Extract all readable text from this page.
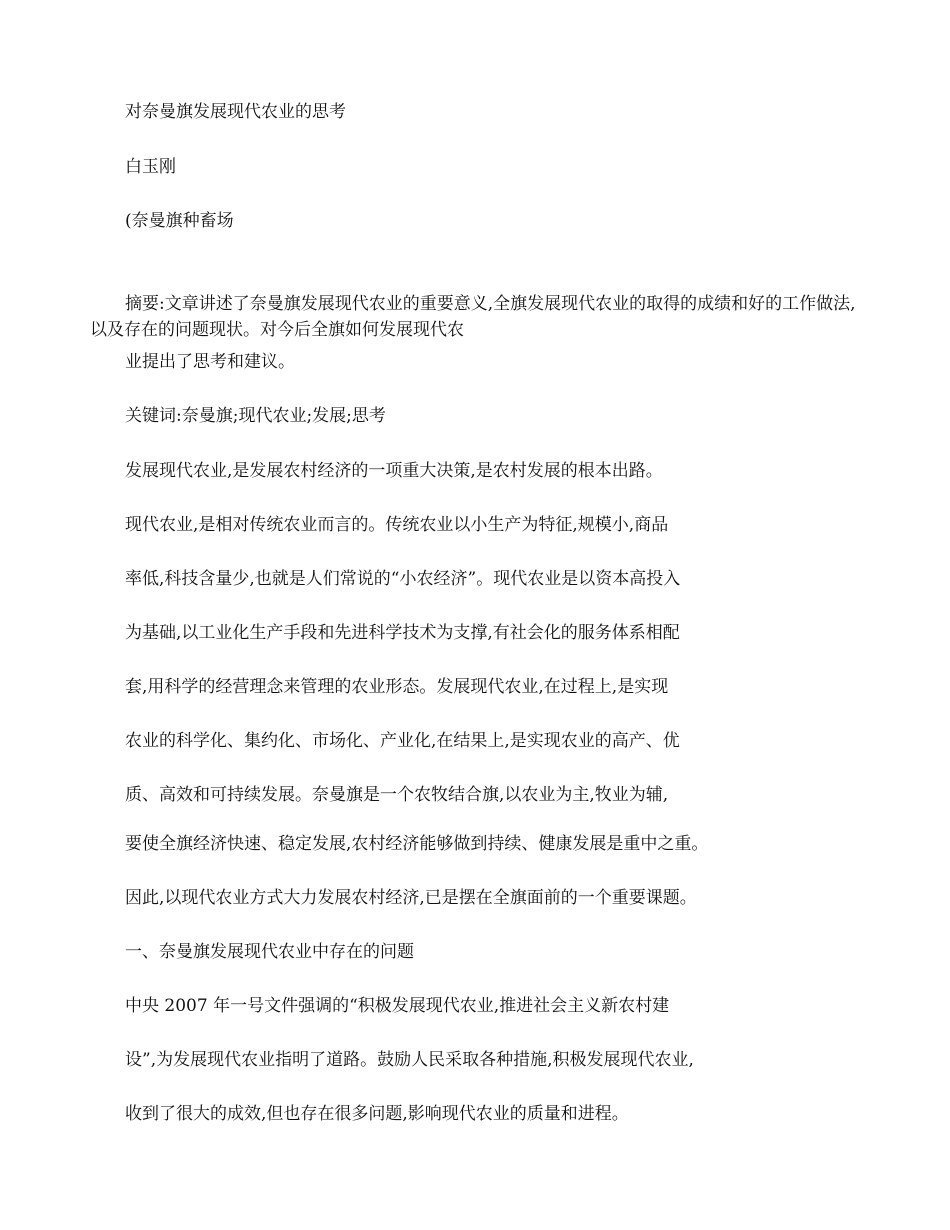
对奈曼旗发展现代农业的思考
白玉刚
(奈曼旗种畜场
摘要:文章讲述了奈曼旗发展现代农业的重要意义,全旗发展现代农业的取得的成绩和好的工作做法,以及存在的问题现状。对今后全旗如何发展现代农
业提出了思考和建议。
关键词:奈曼旗;现代农业;发展;思考
发展现代农业,是发展农村经济的一项重大决策,是农村发展的根本出路。
现代农业,是相对传统农业而言的。传统农业以小生产为特征,规模小,商品
率低,科技含量少,也就是人们常说的“小农经济”。现代农业是以资本高投入
为基础,以工业化生产手段和先进科学技术为支撑,有社会化的服务体系相配
套,用科学的经营理念来管理的农业形态。发展现代农业,在过程上,是实现
农业的科学化、集约化、市场化、产业化,在结果上,是实现农业的高产、优
质、高效和可持续发展。奈曼旗是一个农牧结合旗,以农业为主,牧业为辅,
要使全旗经济快速、稳定发展,农村经济能够做到持续、健康发展是重中之重。
因此,以现代农业方式大力发展农村经济,已是摆在全旗面前的一个重要课题。
一、奈曼旗发展现代农业中存在的问题
中央 2007 年一号文件强调的“积极发展现代农业,推进社会主义新农村建
设”,为发展现代农业指明了道路。鼓励人民采取各种措施,积极发展现代农业,
收到了很大的成效,但也存在很多问题,影响现代农业的质量和进程。
